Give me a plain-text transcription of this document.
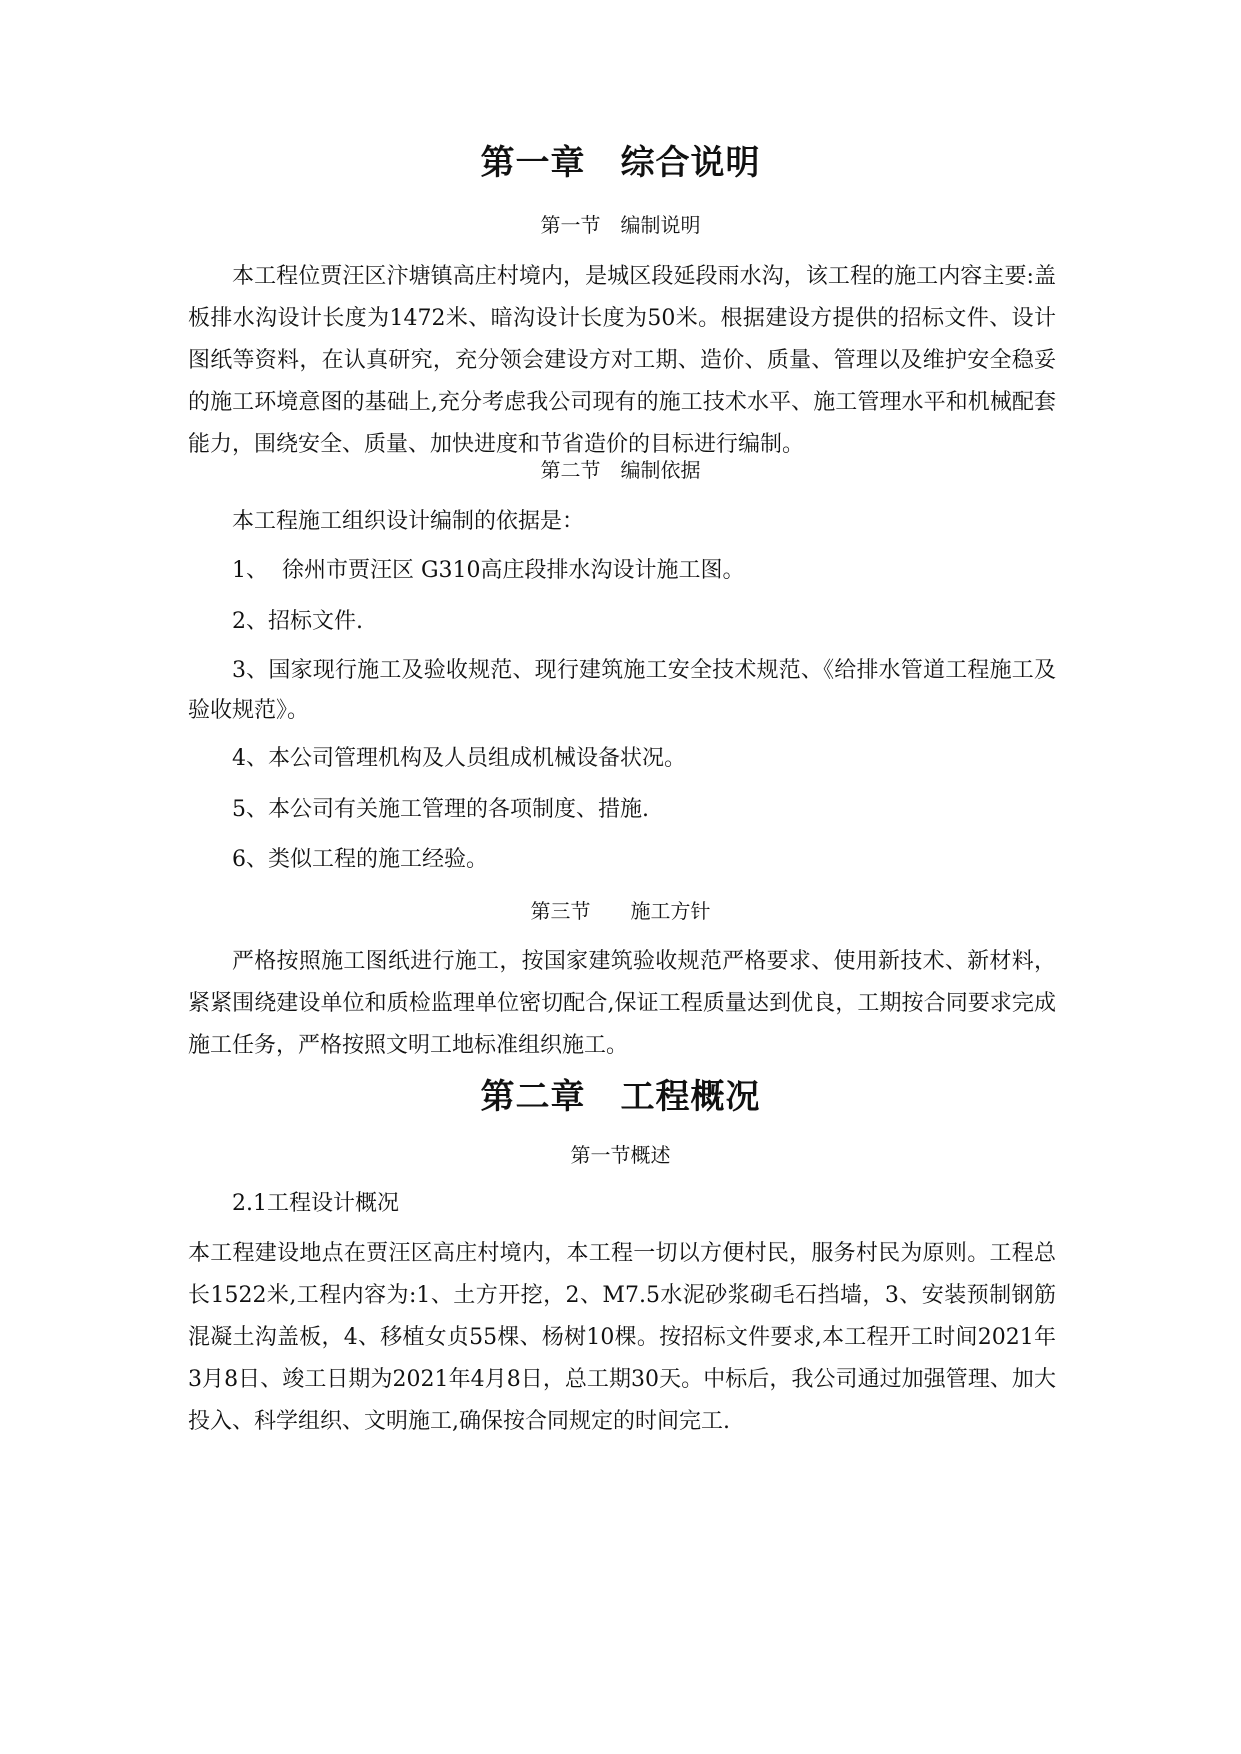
第一章　综合说明
第一节　编制说明

本工程位贾汪区汴塘镇高庄村境内，是城区段延段雨水沟，该工程的施工内容主要:盖板排水沟设计长度为1472米、暗沟设计长度为50米。根据建设方提供的招标文件、设计图纸等资料，在认真研究，充分领会建设方对工期、造价、质量、管理以及维护安全稳妥的施工环境意图的基础上,充分考虑我公司现有的施工技术水平、施工管理水平和机械配套能力，围绕安全、质量、加快进度和节省造价的目标进行编制。

第二节　编制依据
本工程施工组织设计编制的依据是：
1、  徐州市贾汪区 G310高庄段排水沟设计施工图。
2、招标文件.

3、国家现行施工及验收规范、现行建筑施工安全技术规范、《给排水管道工程施工及验收规范》。

4、本公司管理机构及人员组成机械设备状况。
5、本公司有关施工管理的各项制度、措施.
6、类似工程的施工经验。
第三节　　施工方针

严格按照施工图纸进行施工，按国家建筑验收规范严格要求、使用新技术、新材料，紧紧围绕建设单位和质检监理单位密切配合,保证工程质量达到优良，工期按合同要求完成施工任务，严格按照文明工地标准组织施工。

第二章　工程概况
第一节概述
2.1工程设计概况

本工程建设地点在贾汪区高庄村境内，本工程一切以方便村民，服务村民为原则。工程总长1522米,工程内容为:1、土方开挖，2、M7.5水泥砂浆砌毛石挡墙，3、安装预制钢筋混凝土沟盖板，4、移植女贞55棵、杨树10棵。按招标文件要求,本工程开工时间2021年3月8日、竣工日期为2021年4月8日，总工期30天。中标后，我公司通过加强管理、加大投入、科学组织、文明施工,确保按合同规定的时间完工.
